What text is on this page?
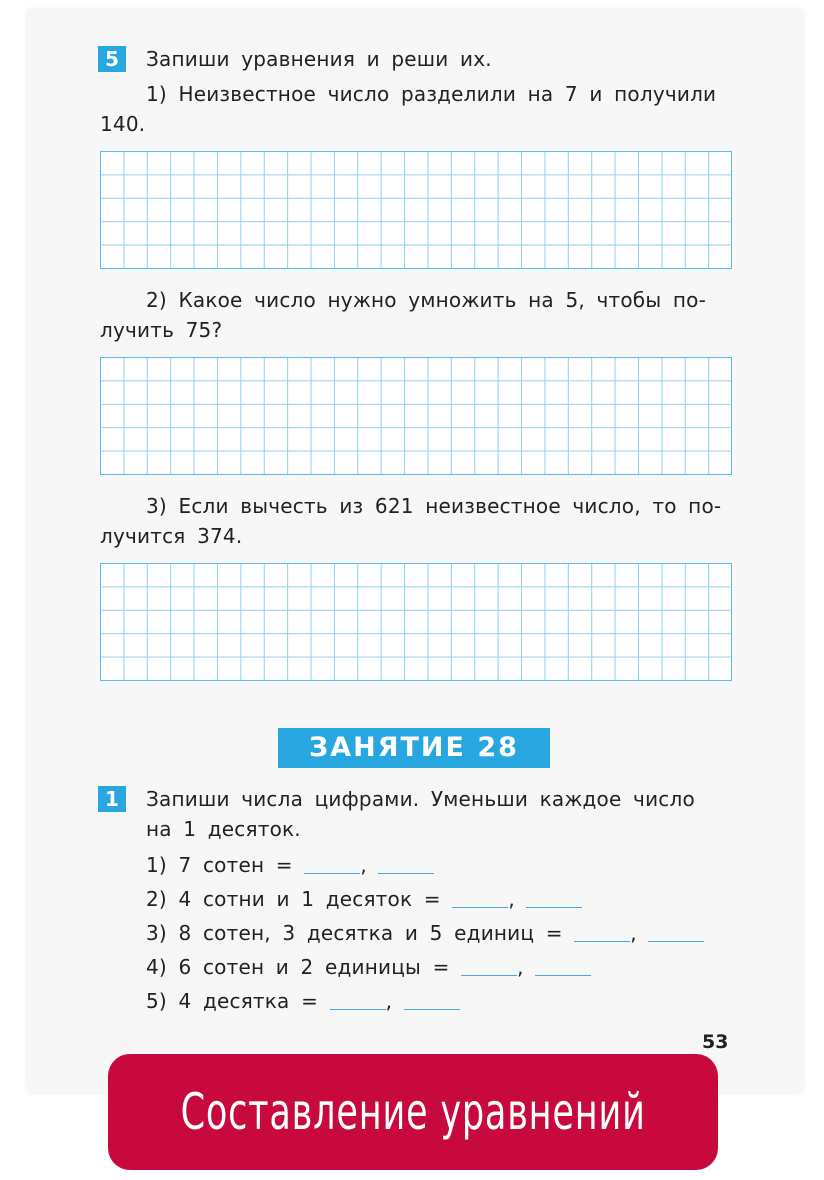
5	Запиши уравнения и реши их.
1) Неизвестное число разделили на 7 и получили
140.
2) Какое число нужно умножить на 5, чтобы по-
лучить 75?
3) Если вычесть из 621 неизвестное число, то по-
лучится 374.
ЗАНЯТИЕ 28
1	Запиши числа цифрами. Уменьши каждое число
на 1 десяток.
1) 7 сотен =	,
2) 4 сотни и 1 десяток =	,
3) 8 сотен, 3 десятка и 5 единиц =	,
4) 6 сотен и 2 единицы =	,
5) 4 десятка =	,
53
Составление уравнений
